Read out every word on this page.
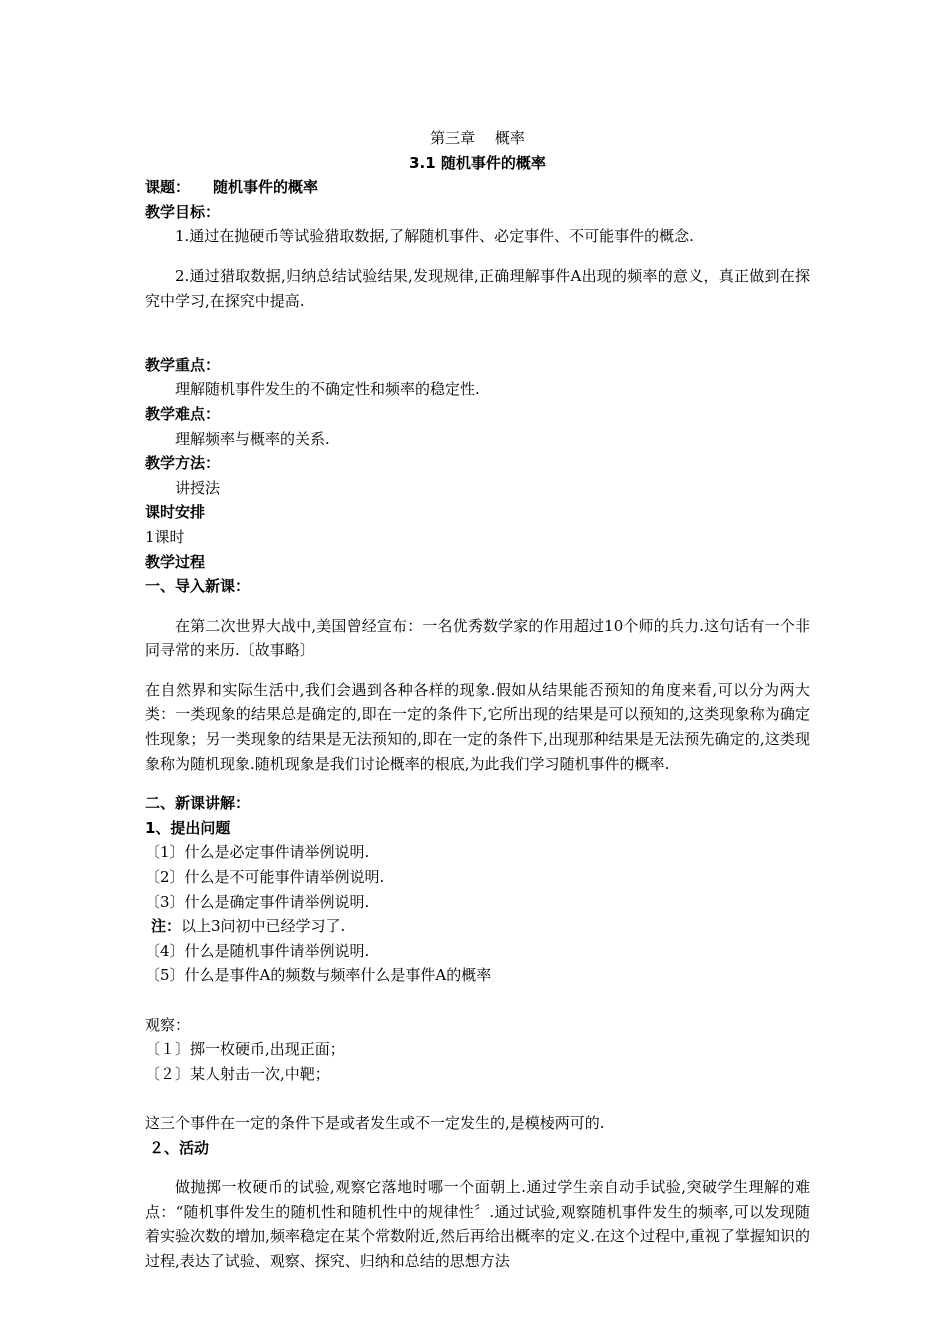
第三章　 概率

3.1 随机事件的概率

课题： 随机事件的概率

教学目标：

1.通过在抛硬币等试验猎取数据,了解随机事件、必定事件、不可能事件的概念.

2.通过猎取数据,归纳总结试验结果,发现规律,正确理解事件A出现的频率的意义，真正做到在探究中学习,在探究中提高.

教学重点：

理解随机事件发生的不确定性和频率的稳定性.

教学难点：

理解频率与概率的关系.

教学方法：

讲授法

课时安排

1课时

教学过程

一、导入新课：

在第二次世界大战中,美国曾经宣布：一名优秀数学家的作用超过10个师的兵力.这句话有一个非同寻常的来历.〔故事略〕

在自然界和实际生活中,我们会遇到各种各样的现象.假如从结果能否预知的角度来看,可以分为两大类：一类现象的结果总是确定的,即在一定的条件下,它所出现的结果是可以预知的,这类现象称为确定性现象；另一类现象的结果是无法预知的,即在一定的条件下,出现那种结果是无法预先确定的,这类现象称为随机现象.随机现象是我们讨论概率的根底,为此我们学习随机事件的概率.

二、新课讲解：

1、提出问题

〔1〕什么是必定事件请举例说明.

〔2〕什么是不可能事件请举例说明.

〔3〕什么是确定事件请举例说明.

注：以上3问初中已经学习了.

〔4〕什么是随机事件请举例说明.

〔5〕什么是事件A的频数与频率什么是事件A的概率

观察：

〔１〕掷一枚硬币,出现正面；

〔２〕某人射击一次,中靶；

这三个事件在一定的条件下是或者发生或不一定发生的,是模棱两可的.

２、活动

做抛掷一枚硬币的试验,观察它落地时哪一个面朝上.通过学生亲自动手试验,突破学生理解的难点：“随机事件发生的随机性和随机性中的规律性〞.通过试验,观察随机事件发生的频率,可以发现随着实验次数的增加,频率稳定在某个常数附近,然后再给出概率的定义.在这个过程中,重视了掌握知识的过程,表达了试验、观察、探究、归纳和总结的思想方法
